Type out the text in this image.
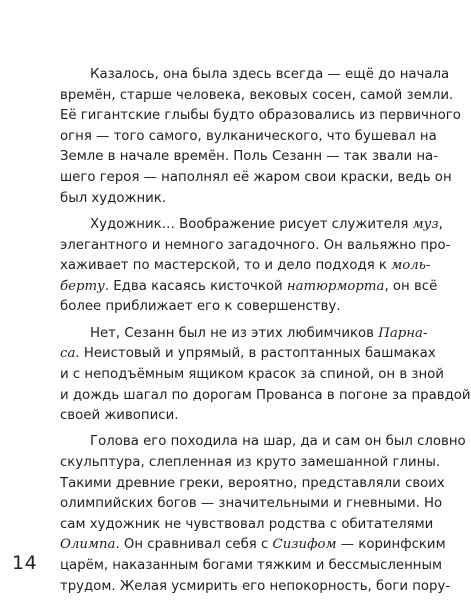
Казалось, она была здесь всегда — ещё до начала
времён, старше человека, вековых сосен, самой земли.
Её гигантские глыбы будто образовались из первичного
огня — того самого, вулканического, что бушевал на
Земле в начале времён. Поль Сезанн — так звали на-
шего героя — наполнял её жаром свои краски, ведь он
был художник.
Художник… Воображение рисует служителя муз,
элегантного и немного загадочного. Он вальяжно про-
хаживает по мастерской, то и дело подходя к моль-
берту. Едва касаясь кисточкой натюрморта, он всё
более приближает его к совершенству.
Нет, Сезанн был не из этих любимчиков Парна-
са. Неистовый и упрямый, в растоптанных башмаках
и с неподъёмным ящиком красок за спиной, он в зной
и дождь шагал по дорогам Прованса в погоне за правдой
своей живописи.
Голова его походила на шар, да и сам он был словно
скульптура, слепленная из круто замешанной глины.
Такими древние греки, вероятно, представляли своих
олимпийских богов — значительными и гневными. Но
сам художник не чувствовал родства с обитателями
Олимпа. Он сравнивал себя с Сизифом — коринфским
царём, наказанным богами тяжким и бессмысленным
трудом. Желая усмирить его непокорность, боги пору-
14
